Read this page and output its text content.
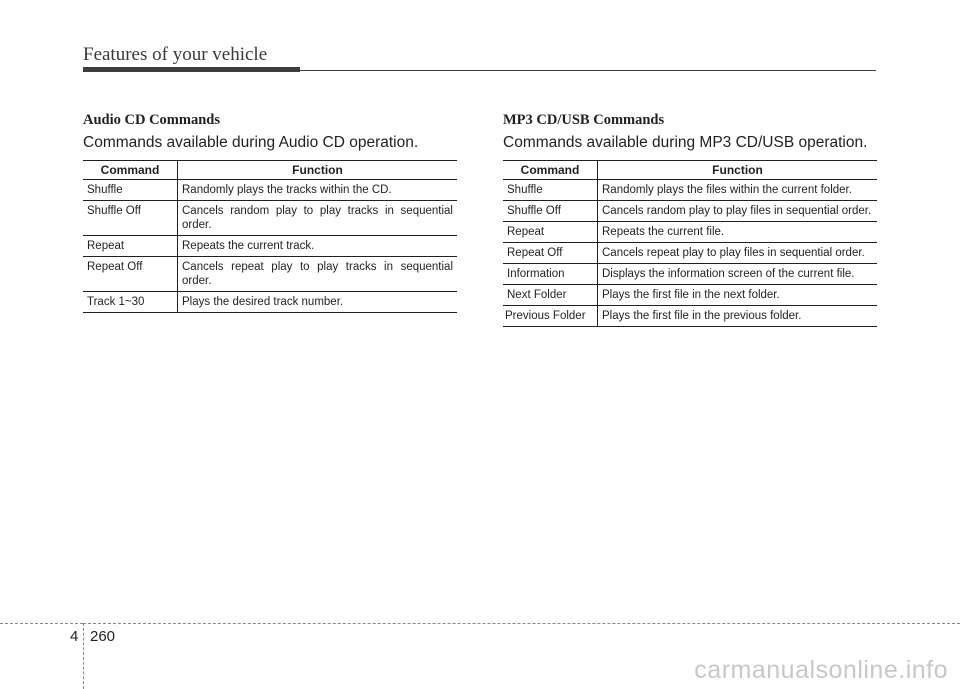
Features of your vehicle
Audio CD Commands

Commands available during Audio CD operation.

Command	Function
Shuffle	Randomly plays the tracks within the CD.
Shuffle Off	Cancels random play to play tracks in sequential order.
Repeat	Repeats the current track.
Repeat Off	Cancels repeat play to play tracks in sequential order.
Track 1~30	Plays the desired track number.
MP3 CD/USB Commands

Commands available during MP3 CD/USB operation.

Command	Function
Shuffle	Randomly plays the files within the current folder.
Shuffle Off	Cancels random play to play files in sequential order.
Repeat	Repeats the current file.
Repeat Off	Cancels repeat play to play files in sequential order.
Information	Displays the information screen of the current file.
Next Folder	Plays the first file in the next folder.
Previous Folder	Plays the first file in the previous folder.
4 260
carmanualsonline.info
